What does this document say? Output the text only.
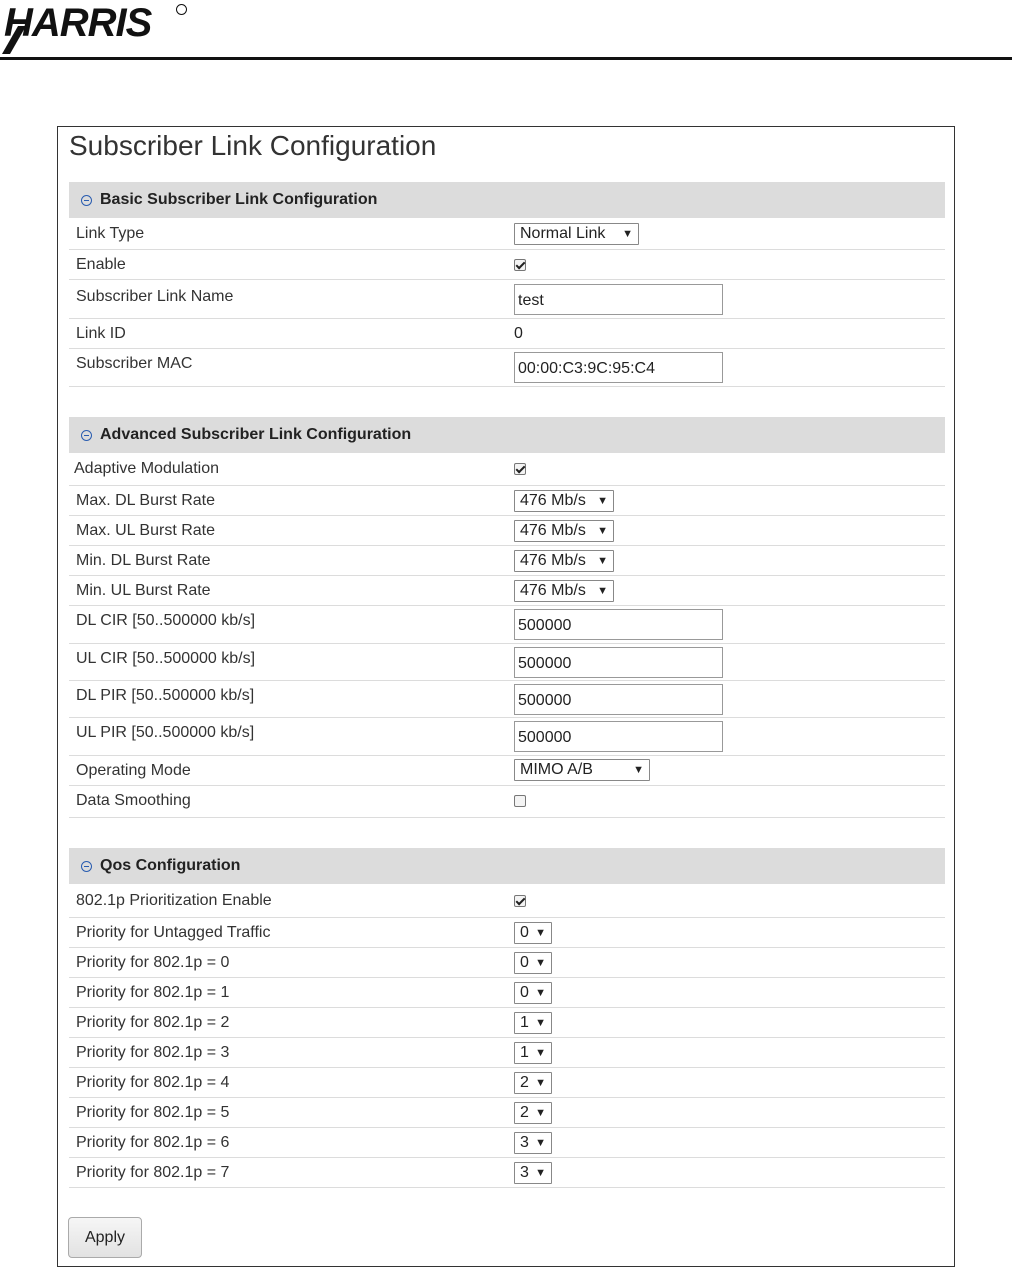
HARRIS
Subscriber Link Configuration
Basic Subscriber Link Configuration
Link Type	Normal Link ▼
Enable
Subscriber Link Name	test
Link ID	0
Subscriber MAC	00:00:C3:9C:95:C4
Advanced Subscriber Link Configuration
Adaptive Modulation
Max. DL Burst Rate	476 Mb/s ▼
Max. UL Burst Rate	476 Mb/s ▼
Min. DL Burst Rate	476 Mb/s ▼
Min. UL Burst Rate	476 Mb/s ▼
DL CIR [50..500000 kb/s]	500000
UL CIR [50..500000 kb/s]	500000
DL PIR [50..500000 kb/s]	500000
UL PIR [50..500000 kb/s]	500000
Operating Mode	MIMO A/B	▼
Data Smoothing
Qos Configuration
802.1p Prioritization Enable
Priority for Untagged Traffic	0 ▼
Priority for 802.1p = 0	0 ▼
Priority for 802.1p = 1	0 ▼
Priority for 802.1p = 2	1 ▼
Priority for 802.1p = 3	1 ▼
Priority for 802.1p = 4	2 ▼
Priority for 802.1p = 5	2 ▼
Priority for 802.1p = 6	3 ▼
Priority for 802.1p = 7	3 ▼
Apply
